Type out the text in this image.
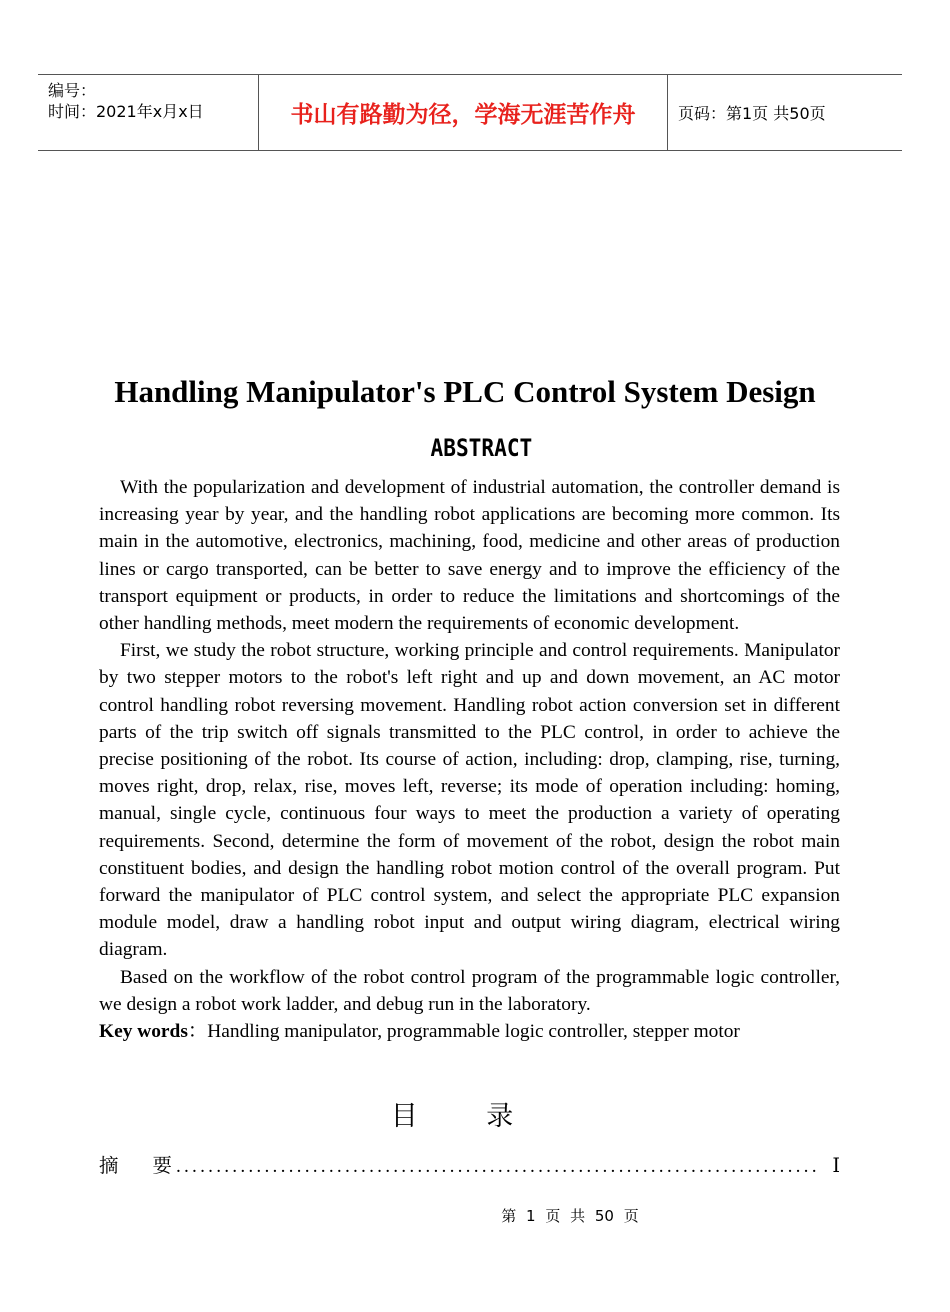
编号：
时间：2021年x月x日	书山有路勤为径，学海无涯苦作舟	页码：第1页 共50页
Handling Manipulator's PLC Control System Design
ABSTRACT

With the popularization and development of industrial automation, the controller demand is increasing year by year, and the handling robot applications are becoming more common. Its main in the automotive, electronics, machining, food, medicine and other areas of production lines or cargo transported, can be better to save energy and to improve the efficiency of the transport equipment or products, in order to reduce the limitations and shortcomings of the other handling methods, meet modern the requirements of economic development.

First, we study the robot structure, working principle and control requirements. Manipulator by two stepper motors to the robot's left right and up and down movement, an AC motor control handling robot reversing movement. Handling robot action conversion set in different parts of the trip switch off signals transmitted to the PLC control, in order to achieve the precise positioning of the robot. Its course of action, including: drop, clamping, rise, turning, moves right, drop, relax, rise, moves left, reverse; its mode of operation including: homing, manual, single cycle, continuous four ways to meet the production a variety of operating requirements. Second, determine the form of movement of the robot, design the robot main constituent bodies, and design the handling robot motion control of the overall program. Put forward the manipulator of PLC control system, and select the appropriate PLC expansion module model, draw a handling robot input and output wiring diagram, electrical wiring diagram.

Based on the workflow of the robot control program of the programmable logic controller, we design a robot work ladder, and debug run in the laboratory.

Key words：Handling manipulator, programmable logic controller, stepper motor
目 录
摘 要
................................................................................ I
第 1 页 共 50 页
